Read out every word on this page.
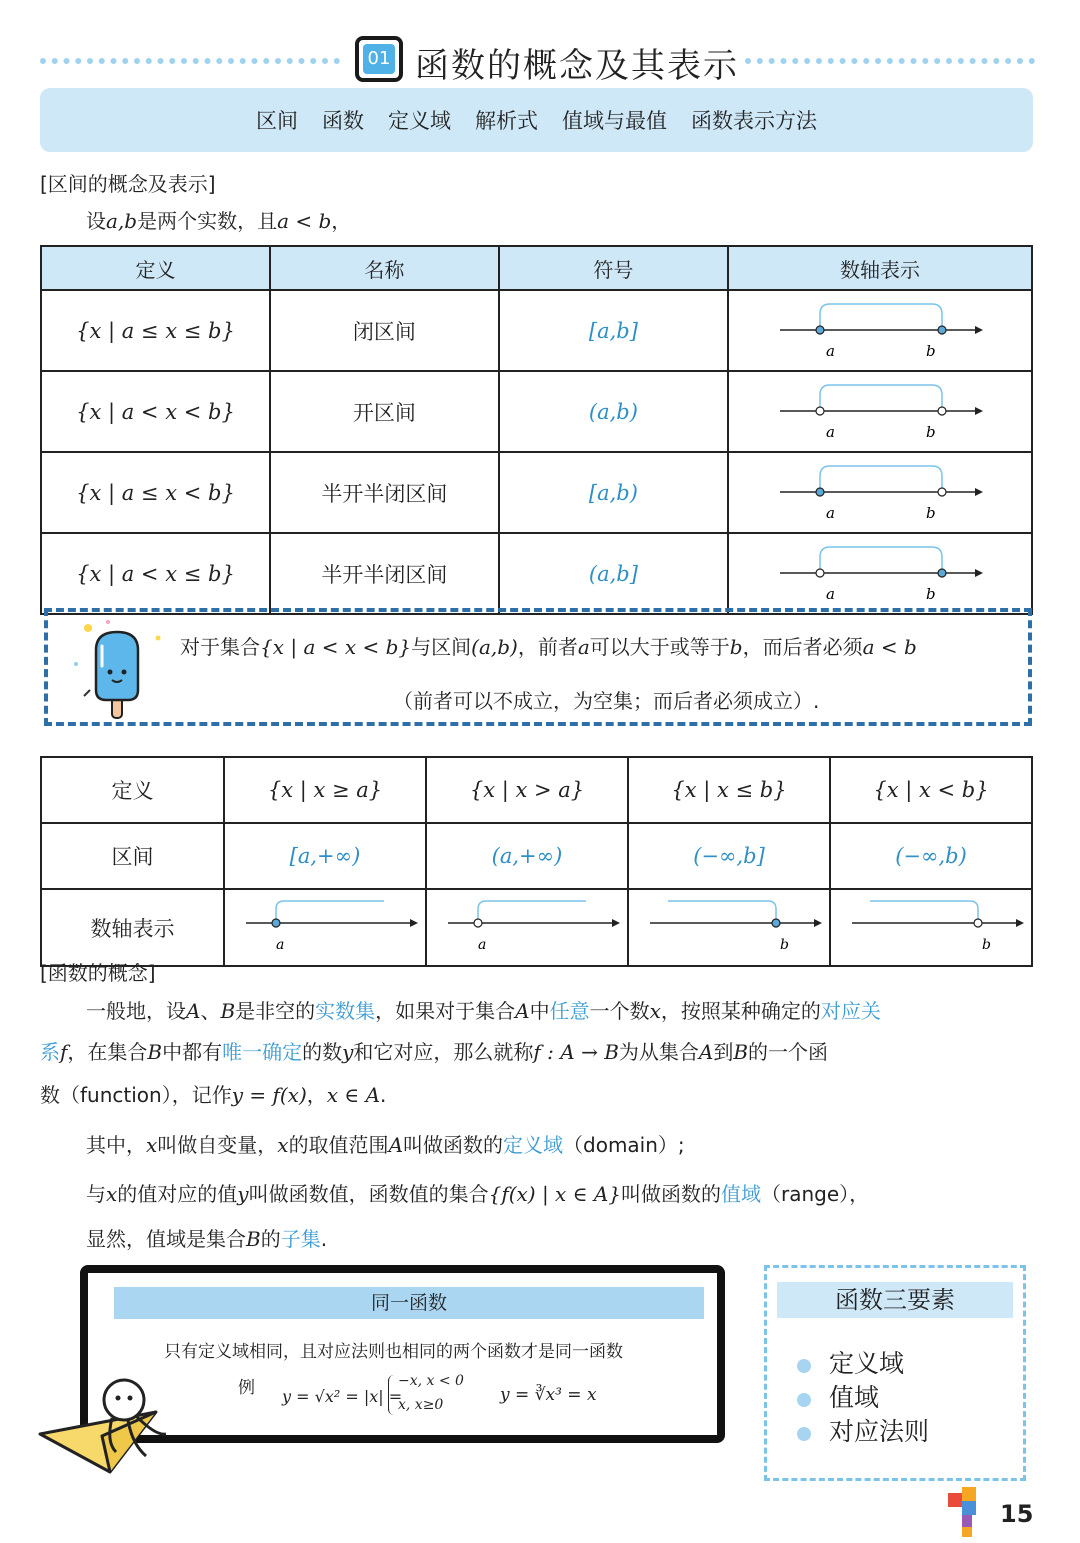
01 函数的概念及其表示
区间 函数 定义域 解析式 值域与最值 函数表示方法
[区间的概念及表示]
设a,b是两个实数，且a < b，
定义	名称	符号	数轴表示
{x | a ≤ x ≤ b}	闭区间	[a,b]	a b

{x | a < x < b}	开区间	(a,b)	a b

{x | a ≤ x < b}	半开半闭区间	[a,b)	a b

{x | a < x ≤ b}	半开半闭区间	(a,b]	a b
对于集合{x | a < x < b}与区间(a,b)，前者a可以大于或等于b，而后者必须a < b
（前者可以不成立，为空集；而后者必须成立）.
定义	{x | x ≥ a}	{x | x > a}	{x | x ≤ b}	{x | x < b}
区间	[a,+∞)	(a,+∞)	(−∞,b]	(−∞,b)
数轴表示	a	a	b	b
[函数的概念]
一般地，设A、B是非空的实数集，如果对于集合A中任意一个数x，按照某种确定的对应关
系f，在集合B中都有唯一确定的数y和它对应，那么就称f : A → B为从集合A到B的一个函
数（function），记作y = f(x)，x ∈ A.
其中，x叫做自变量，x的取值范围A叫做函数的定义域（domain）;
与x的值对应的值y叫做函数值，函数值的集合{f(x) | x ∈ A}叫做函数的值域（range），
显然，值域是集合B的子集.
同一函数
只有定义域相同，且对应法则也相同的两个函数才是同一函数
例 y = √x² = |x| =
−x, x < 0
x, x≥0	y = ∛x³ = x
函数三要素
定义域
值域
对应法则
15
